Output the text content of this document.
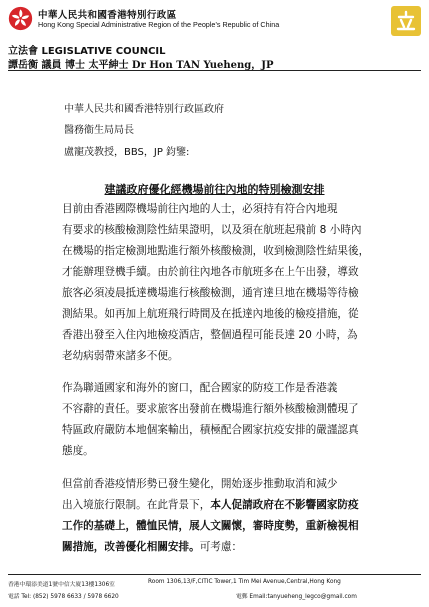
中華人民共和國香港特別行政區
Hong Kong Special Administrative Region of the People’s Republic of China
立法會 LEGISLATIVE COUNCIL
譚岳衡 議員 博士 太平紳士 Dr Hon TAN Yueheng，JP
中華人民共和國香港特別行政區政府
醫務衞生局局長
盧寵茂教授，BBS，JP 鈞鑒:
建議政府優化經機場前往內地的特別檢測安排
目前由香港國際機場前往內地的人士，必須持有符合內地現
有要求的核酸檢測陰性結果證明，以及須在航班起飛前 8 小時內
在機場的指定檢測地點進行額外核酸檢測，收到檢測陰性結果後，
才能辦理登機手續。由於前往內地各市航班多在上午出發，導致
旅客必須凌晨抵達機場進行核酸檢測，通宵達旦地在機場等待檢
測結果。如再加上航班飛行時間及在抵達內地後的檢疫措施，從
香港出發至入住內地檢疫酒店，整個過程可能長達 20 小時，為
老幼病弱帶來諸多不便。
作為聯通國家和海外的窗口，配合國家的防疫工作是香港義
不容辭的責任。要求旅客出發前在機場進行額外核酸檢測體現了
特區政府嚴防本地個案輸出，積極配合國家抗疫安排的嚴謹認真
態度。
但當前香港疫情形勢已發生變化，開始逐步推動取消和減少
出入境旅行限制。在此背景下，本人促請政府在不影響國家防疫
工作的基礎上，體恤民情，展人文關懷，審時度勢，重新檢視相
關措施，改善優化相關安排。可考慮：
香港中環添美道1號中信大廈13樓1306室	Room 1306,13/F,CITIC Tower,1 Tim Mei Avenue,Central,Hong Kong
電話 Tel: (852) 5978 6633 / 5978 6620	電郵 Email:tanyueheng_legco@gmail.com
